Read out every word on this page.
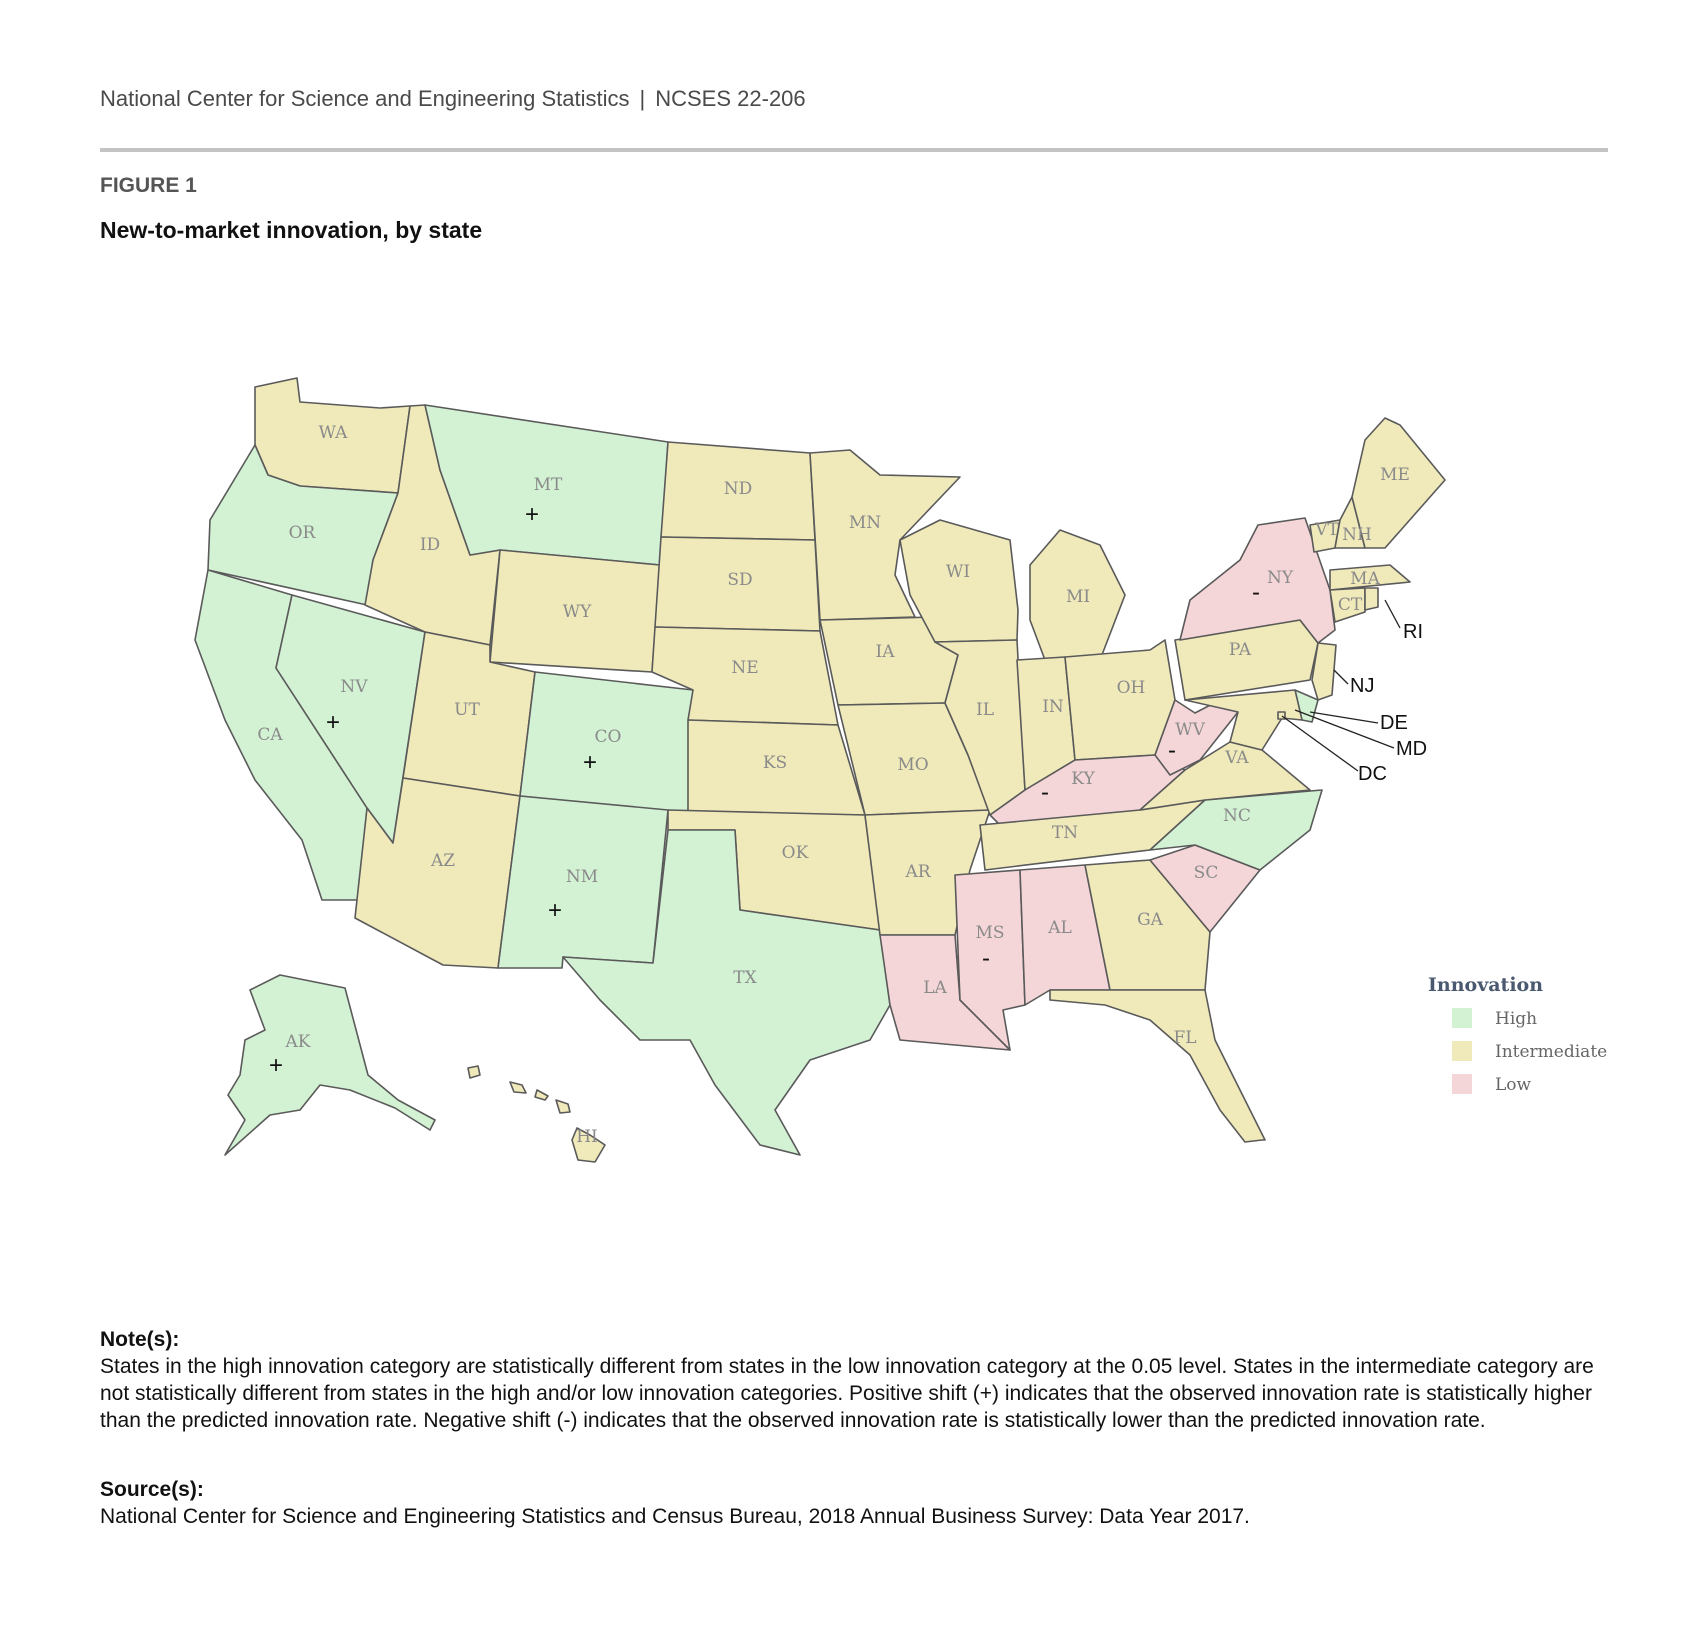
National Center for Science and Engineering Statistics | NCSES 22-206
FIGURE 1
New-to-market innovation, by state
RI
NJ
DE
MD
DC
WA
OR
CA
NV
+
ID
MT
+
WY
UT
AZ
CO
+
NM
+
ND
SD
NE
KS
OK
TX
MN
IA
MO
AR
LA
WI
IL
MI
IN
OH
KY
-
TN
MS
-
AL	GA
FL
SC
NC
VA
WV
-
PA
NY
-
VT NH
ME
MA
CT
AK
+
HI
Innovation
High
Intermediate
Low
Note(s):
States in the high innovation category are statistically different from states in the low innovation category at the 0.05 level. States in the intermediate category are not statistically different from states in the high and/or low innovation categories. Positive shift (+) indicates that the observed innovation rate is statistically higher than the predicted innovation rate. Negative shift (-) indicates that the observed innovation rate is statistically lower than the predicted innovation rate.
Source(s):
National Center for Science and Engineering Statistics and Census Bureau, 2018 Annual Business Survey: Data Year 2017.
